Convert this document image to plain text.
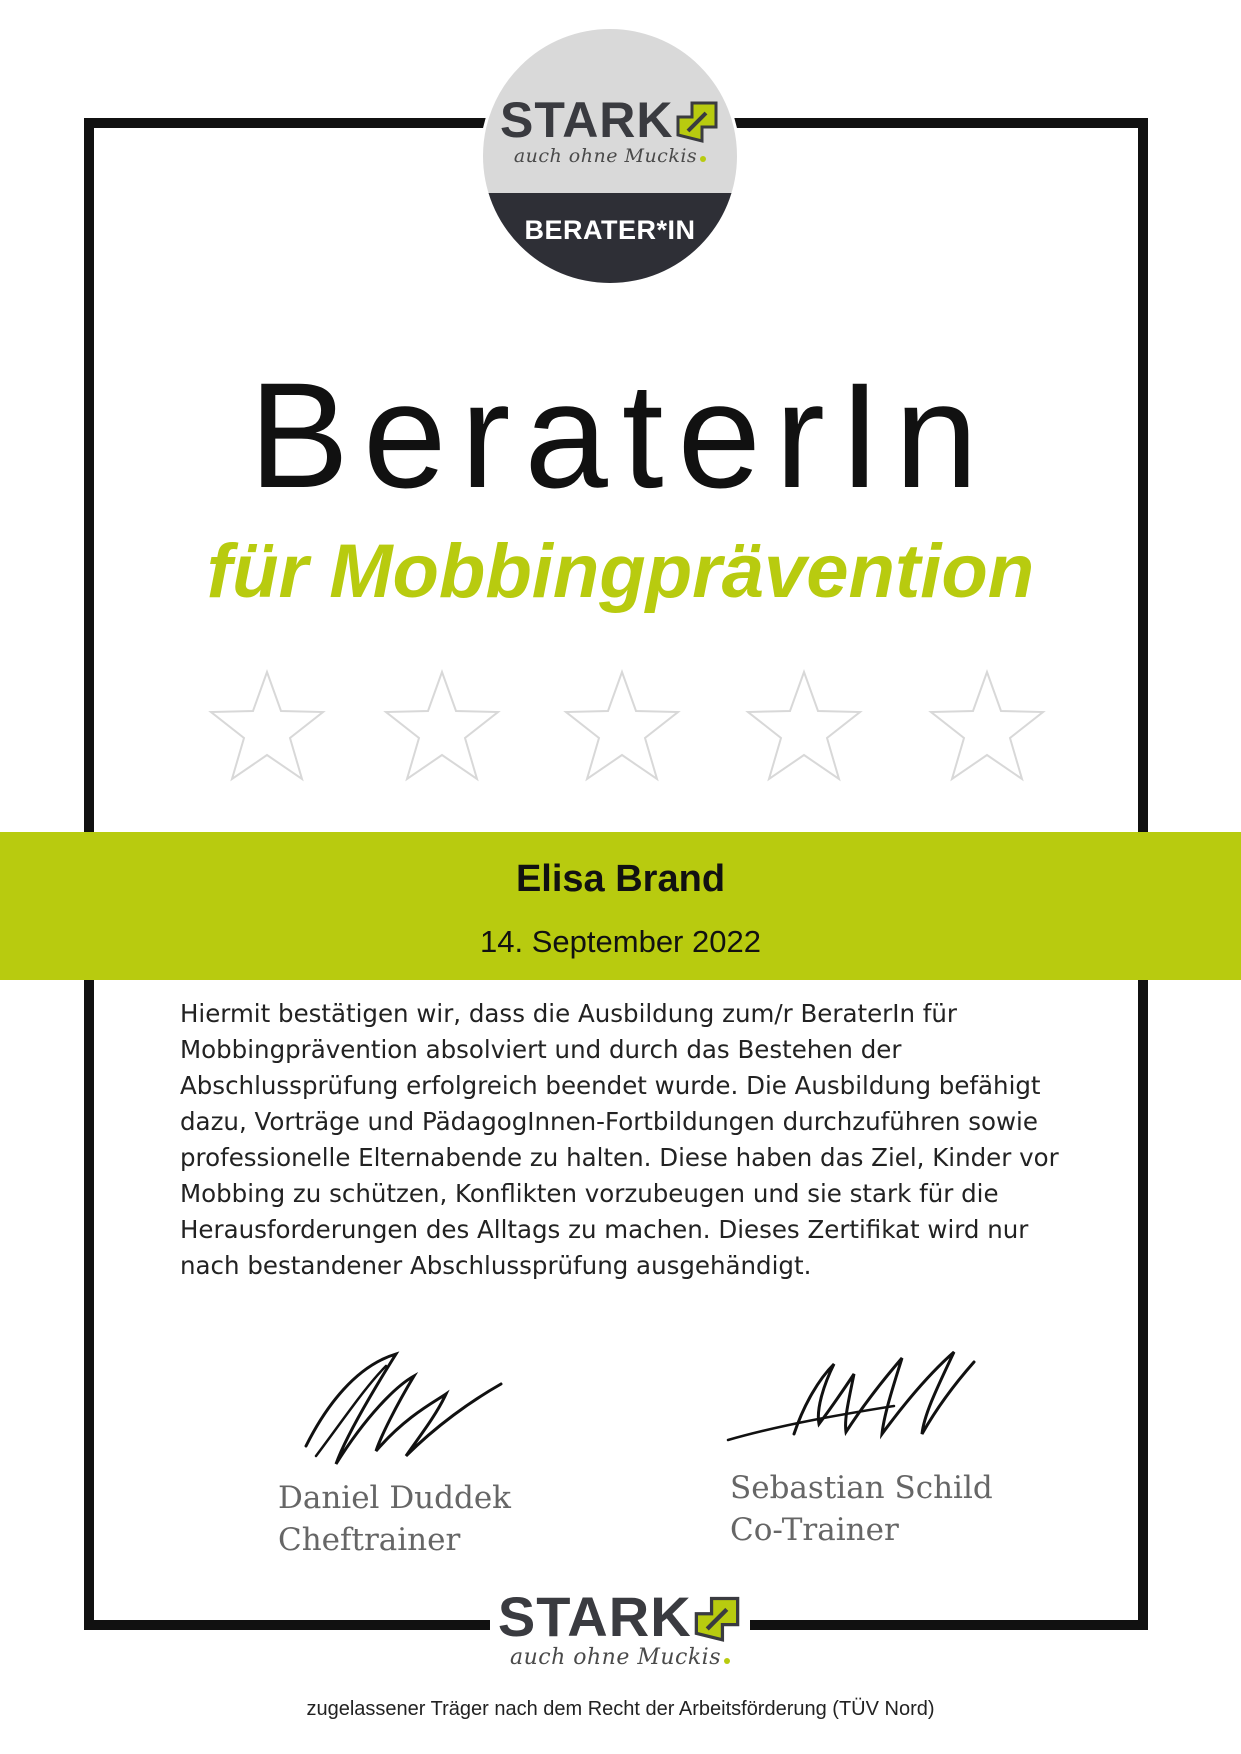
STARK
auch ohne Muckis
BERATER*IN
BeraterIn
für Mobbingprävention
Elisa Brand
14. September 2022
Hiermit bestätigen wir, dass die Ausbildung zum/r BeraterIn für Mobbingprävention absolviert und durch das Bestehen der Abschlussprüfung erfolgreich beendet wurde. Die Ausbildung befähigt dazu, Vorträge und PädagogInnen-Fortbildungen durchzuführen sowie professionelle Elternabende zu halten. Diese haben das Ziel, Kinder vor Mobbing zu schützen, Konflikten vorzubeugen und sie stark für die Herausforderungen des Alltags zu machen. Dieses Zertifikat wird nur nach bestandener Abschlussprüfung ausgehändigt.
Daniel Duddek
Cheftrainer
Sebastian Schild
Co-Trainer
STARK
auch ohne Muckis
zugelassener Träger nach dem Recht der Arbeitsförderung (TÜV Nord)
